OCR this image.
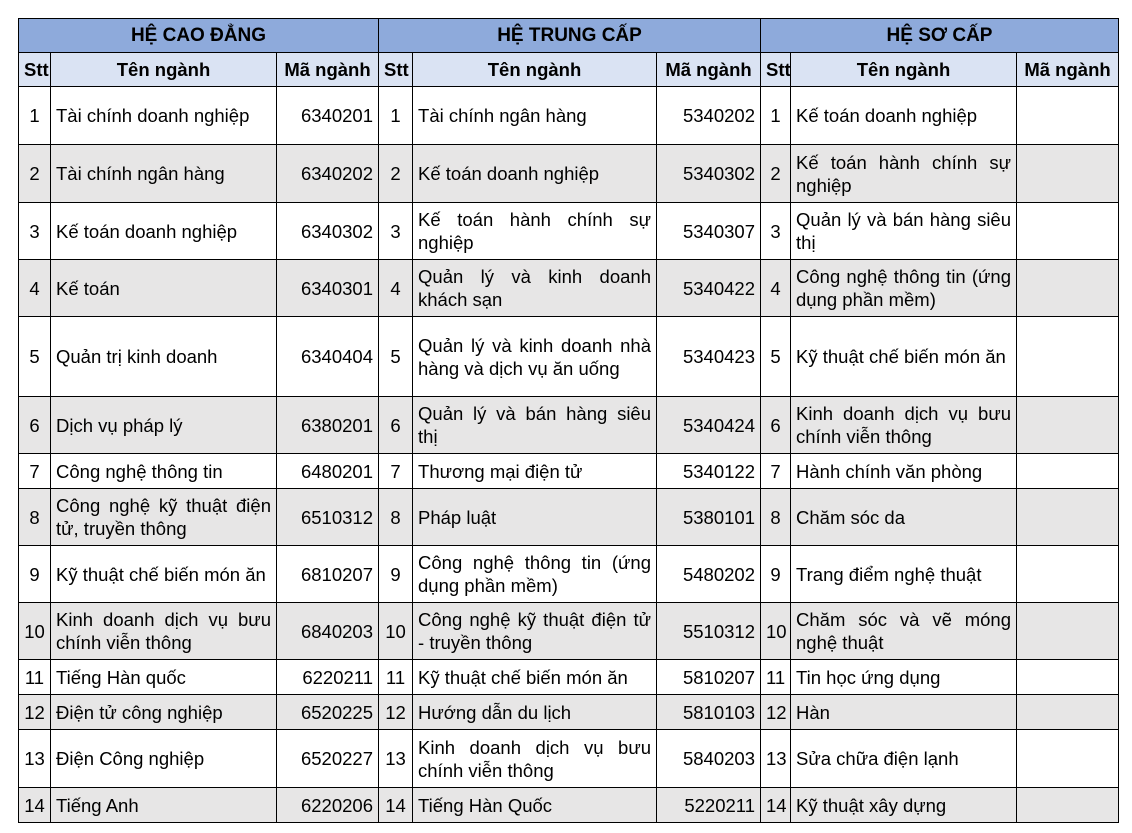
HỆ CAO ĐẲNG			HỆ TRUNG CẤP			HỆ SƠ CẤP		
Stt	Tên ngành	Mã ngành	Stt	Tên ngành	Mã ngành	Stt	Tên ngành	Mã ngành
1	Tài chính doanh nghiệp	6340201	1	Tài chính ngân hàng	5340202	1	Kế toán doanh nghiệp	
2	Tài chính ngân hàng	6340202	2	Kế toán doanh nghiệp	5340302	2	Kế toán hành chính sự nghiệp	
3	Kế toán doanh nghiệp	6340302	3	Kế toán hành chính sự nghiệp	5340307	3	Quản lý và bán hàng siêu thị	
4	Kế toán	6340301	4	Quản lý và kinh doanh khách sạn	5340422	4	Công nghệ thông tin (ứng dụng phần mềm)	
5	Quản trị kinh doanh	6340404	5	Quản lý và kinh doanh nhà hàng và dịch vụ ăn uống	5340423	5	Kỹ thuật chế biến món ăn	
6	Dịch vụ pháp lý	6380201	6	Quản lý và bán hàng siêu thị	5340424	6	Kinh doanh dịch vụ bưu chính viễn thông	
7	Công nghệ thông tin	6480201	7	Thương mại điện tử	5340122	7	Hành chính văn phòng	
8	Công nghệ kỹ thuật điện tử, truyền thông	6510312	8	Pháp luật	5380101	8	Chăm sóc da	
9	Kỹ thuật chế biến món ăn	6810207	9	Công nghệ thông tin (ứng dụng phần mềm)	5480202	9	Trang điểm nghệ thuật	
10	Kinh doanh dịch vụ bưu chính viễn thông	6840203	10	Công nghệ kỹ thuật điện tử - truyền thông	5510312	10	Chăm sóc và vẽ móng nghệ thuật	
11	Tiếng Hàn quốc	6220211	11	Kỹ thuật chế biến món ăn	5810207	11	Tin học ứng dụng	
12	Điện tử công nghiệp	6520225	12	Hướng dẫn du lịch	5810103	12	Hàn	
13	Điện Công nghiệp	6520227	13	Kinh doanh dịch vụ bưu chính viễn thông	5840203	13	Sửa chữa điện lạnh	
14	Tiếng Anh	6220206	14	Tiếng Hàn Quốc	5220211	14	Kỹ thuật xây dựng	
